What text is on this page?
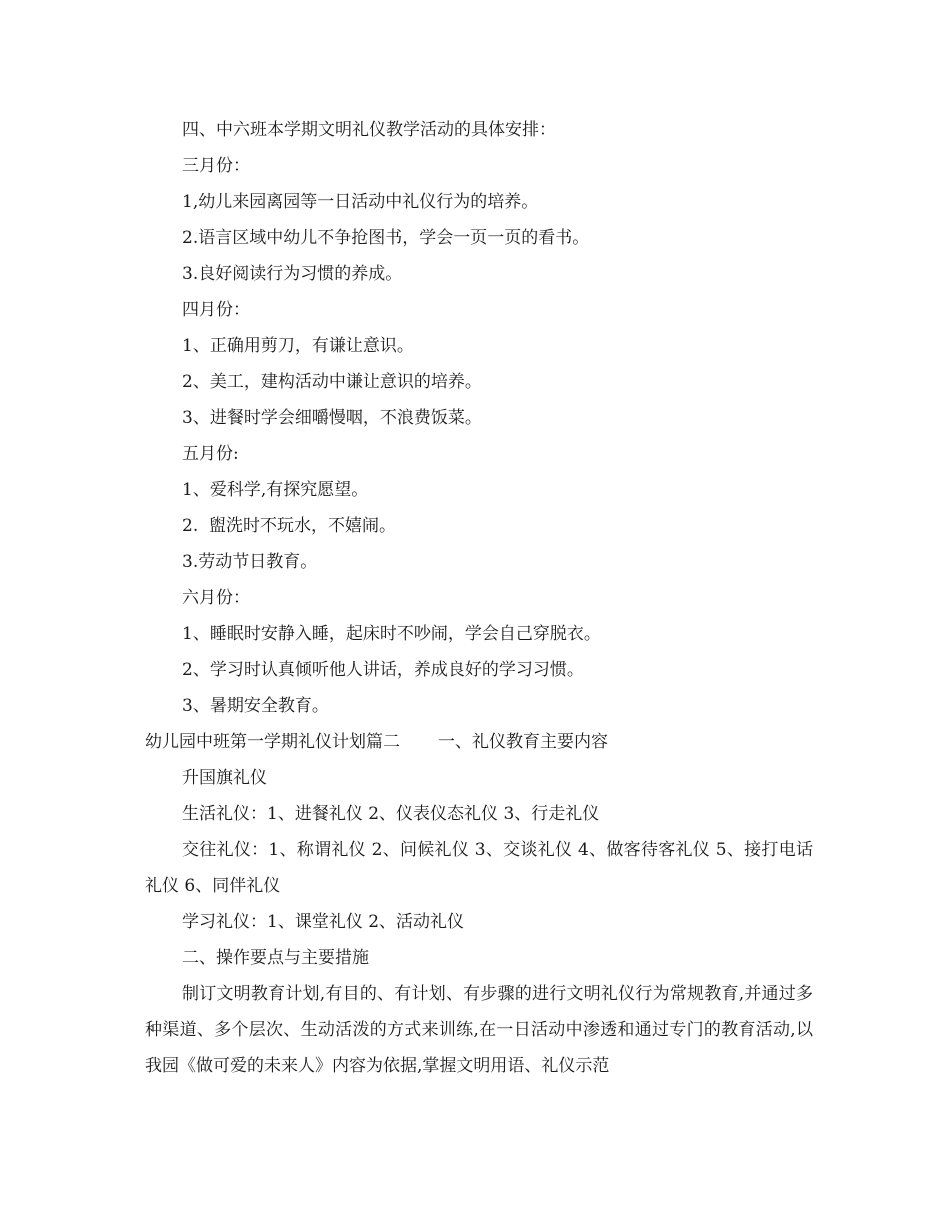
四、中六班本学期文明礼仪教学活动的具体安排：
三月份：
1,幼儿来园离园等一日活动中礼仪行为的培养。
2.语言区域中幼儿不争抢图书，学会一页一页的看书。
3.良好阅读行为习惯的养成。
四月份：
1、正确用剪刀，有谦让意识。
2、美工，建构活动中谦让意识的培养。
3、进餐时学会细嚼慢咽，不浪费饭菜。
五月份:
1、爱科学,有探究愿望。
2.  盥洗时不玩水，不嬉闹。
3.劳动节日教育。
六月份：
1、睡眠时安静入睡，起床时不吵闹，学会自己穿脱衣。
2、学习时认真倾听他人讲话，养成良好的学习习惯。
3、暑期安全教育。
幼儿园中班第一学期礼仪计划篇二 一、礼仪教育主要内容
升国旗礼仪
生活礼仪：1、进餐礼仪 2、仪表仪态礼仪 3、行走礼仪

交往礼仪：1、称谓礼仪 2、问候礼仪 3、交谈礼仪 4、做客待客礼仪 5、接打电话礼仪 6、同伴礼仪

学习礼仪：1、课堂礼仪 2、活动礼仪
二、操作要点与主要措施

制订文明教育计划,有目的、有计划、有步骤的进行文明礼仪行为常规教育,并通过多种渠道、多个层次、生动活泼的方式来训练,在一日活动中渗透和通过专门的教育活动,以我园《做可爱的未来人》内容为依据,掌握文明用语、礼仪示范
